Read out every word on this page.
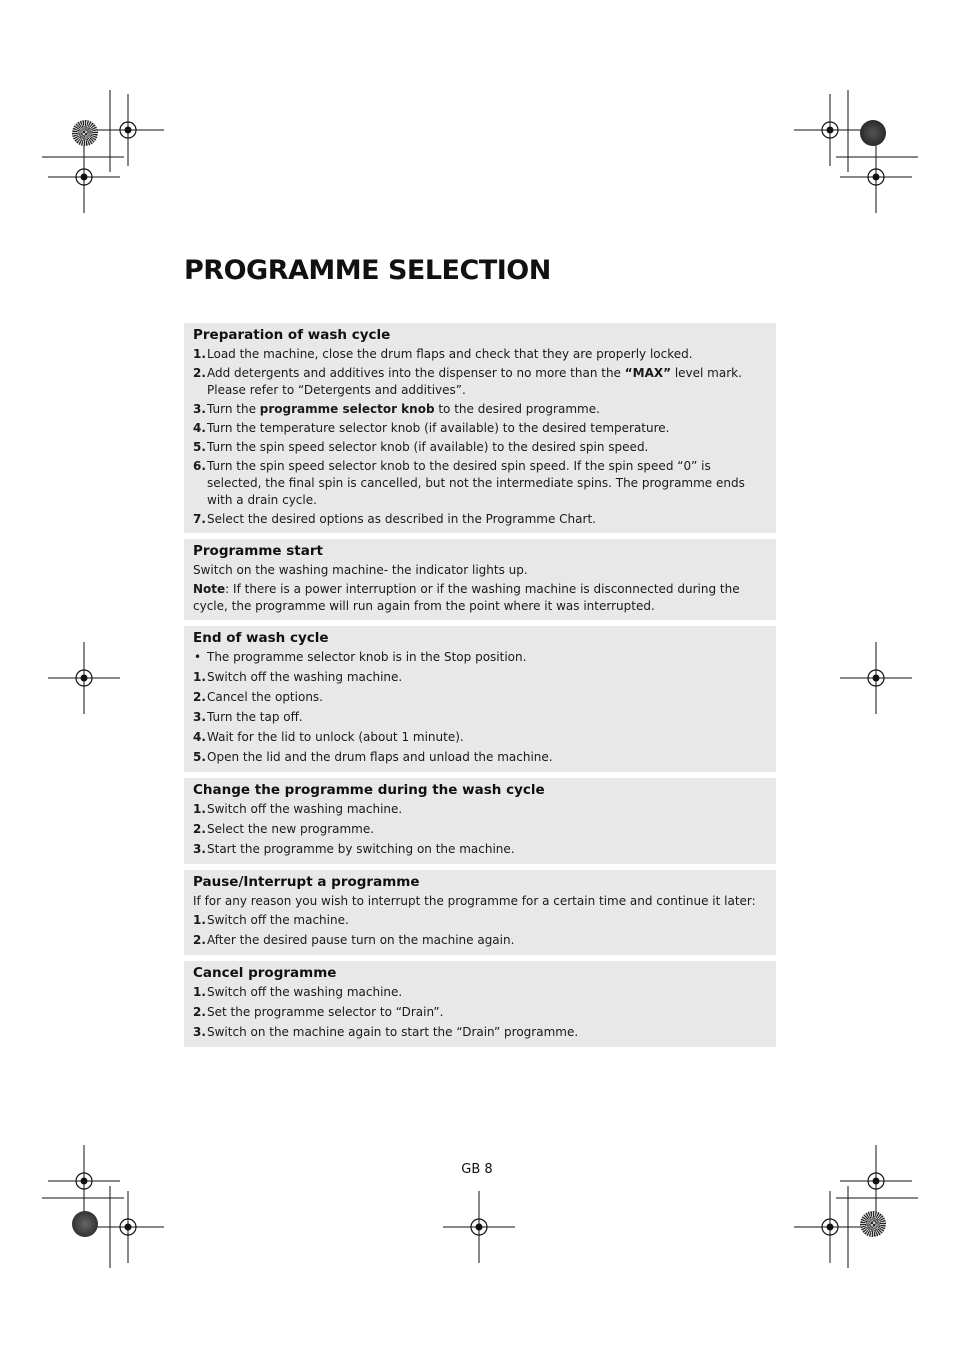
PROGRAMME SELECTION
Preparation of wash cycle
1. Load the machine, close the drum flaps and check that they are properly locked.
2. Add detergents and additives into the dispenser to no more than the “MAX” level mark. Please refer to “Detergents and additives”.
3. Turn the programme selector knob to the desired programme.
4. Turn the temperature selector knob (if available) to the desired temperature.
5. Turn the spin speed selector knob (if available) to the desired spin speed.
6. Turn the spin speed selector knob to the desired spin speed. If the spin speed “0” is selected, the final spin is cancelled, but not the intermediate spins. The programme ends with a drain cycle.
7. Select the desired options as described in the Programme Chart.
Programme start

Switch on the washing machine- the indicator lights up.

Note: If there is a power interruption or if the washing machine is disconnected during the cycle, the programme will run again from the point where it was interrupted.

End of wash cycle
• The programme selector knob is in the Stop position.
1. Switch off the washing machine.
2. Cancel the options.
3. Turn the tap off.
4. Wait for the lid to unlock (about 1 minute).
5. Open the lid and the drum flaps and unload the machine.
Change the programme during the wash cycle
1. Switch off the washing machine.
2. Select the new programme.
3. Start the programme by switching on the machine.
Pause/Interrupt a programme

If for any reason you wish to interrupt the programme for a certain time and continue it later:

1. Switch off the machine.
2. After the desired pause turn on the machine again.
Cancel programme
1. Switch off the washing machine.
2. Set the programme selector to “Drain”.
3. Switch on the machine again to start the “Drain” programme.
GB 8
